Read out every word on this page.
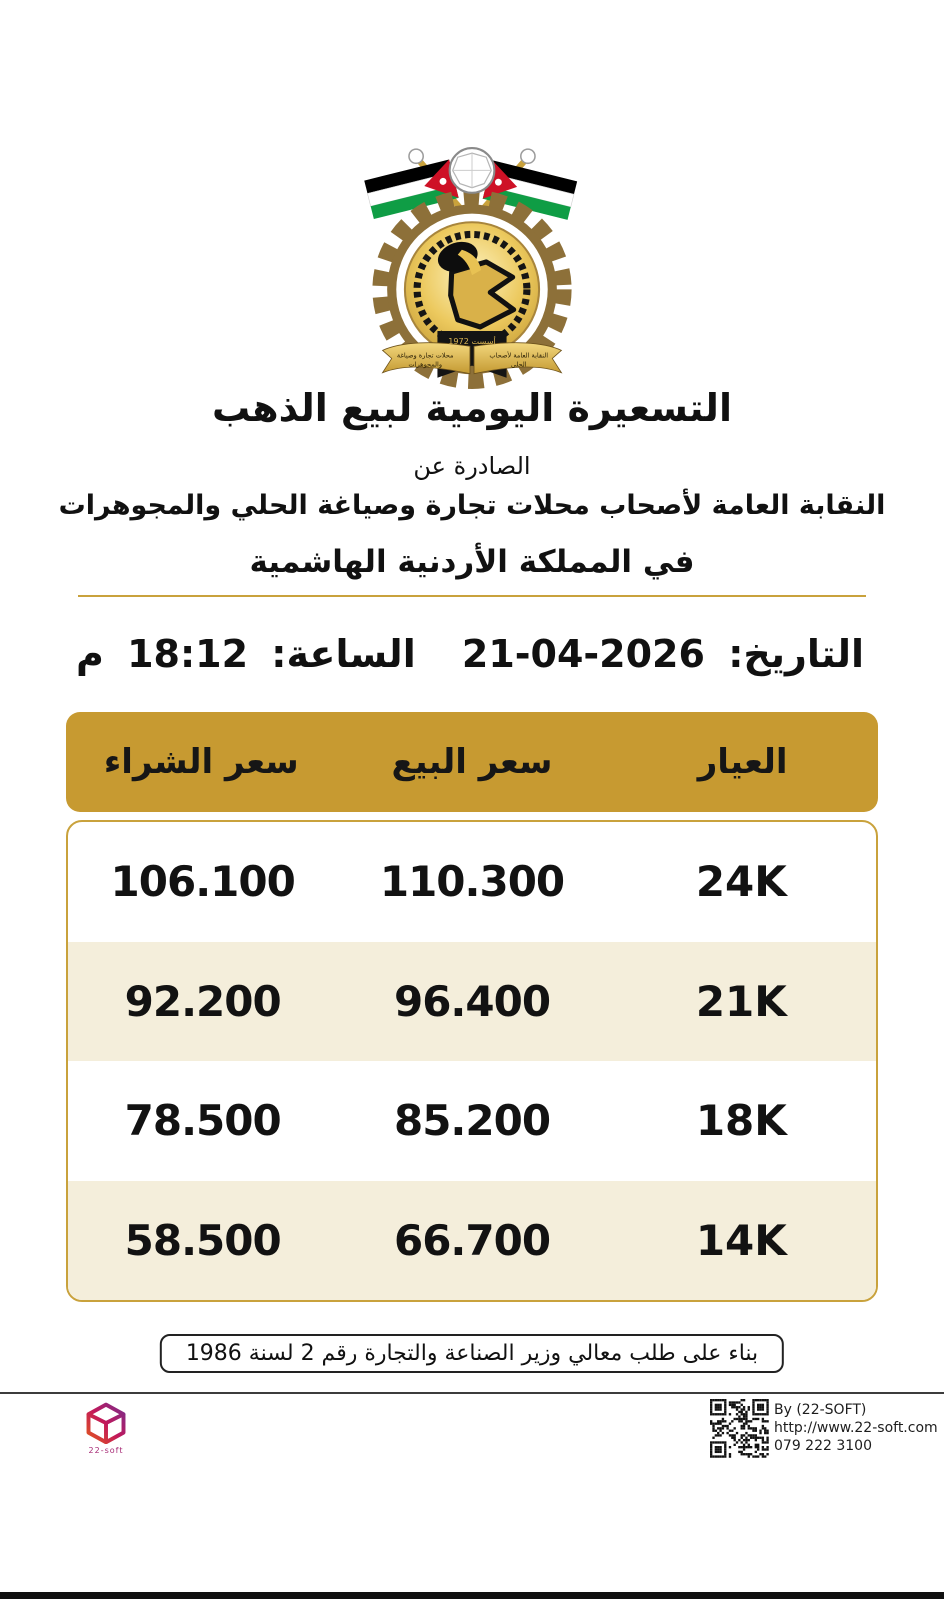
أسست 1972
النقابة العامة لأصحاب
الحلي
محلات تجارة وصياغة
والمجوهرات
التسعيرة اليومية لبيع الذهب
الصادرة عن
النقابة العامة لأصحاب محلات تجارة وصياغة الحلي والمجوهرات
في المملكة الأردنية الهاشمية
التاريخ: 21-04-2026
الساعة: 18:12 م
العيار
سعر البيع
سعر الشراء
24K
110.300
106.100
21K
96.400
92.200
18K
85.200
78.500
14K
66.700
58.500
بناء على طلب معالي وزير الصناعة والتجارة رقم 2 لسنة 1986
22-soft
By (22-SOFT)
http://www.22-soft.com
079 222 3100
